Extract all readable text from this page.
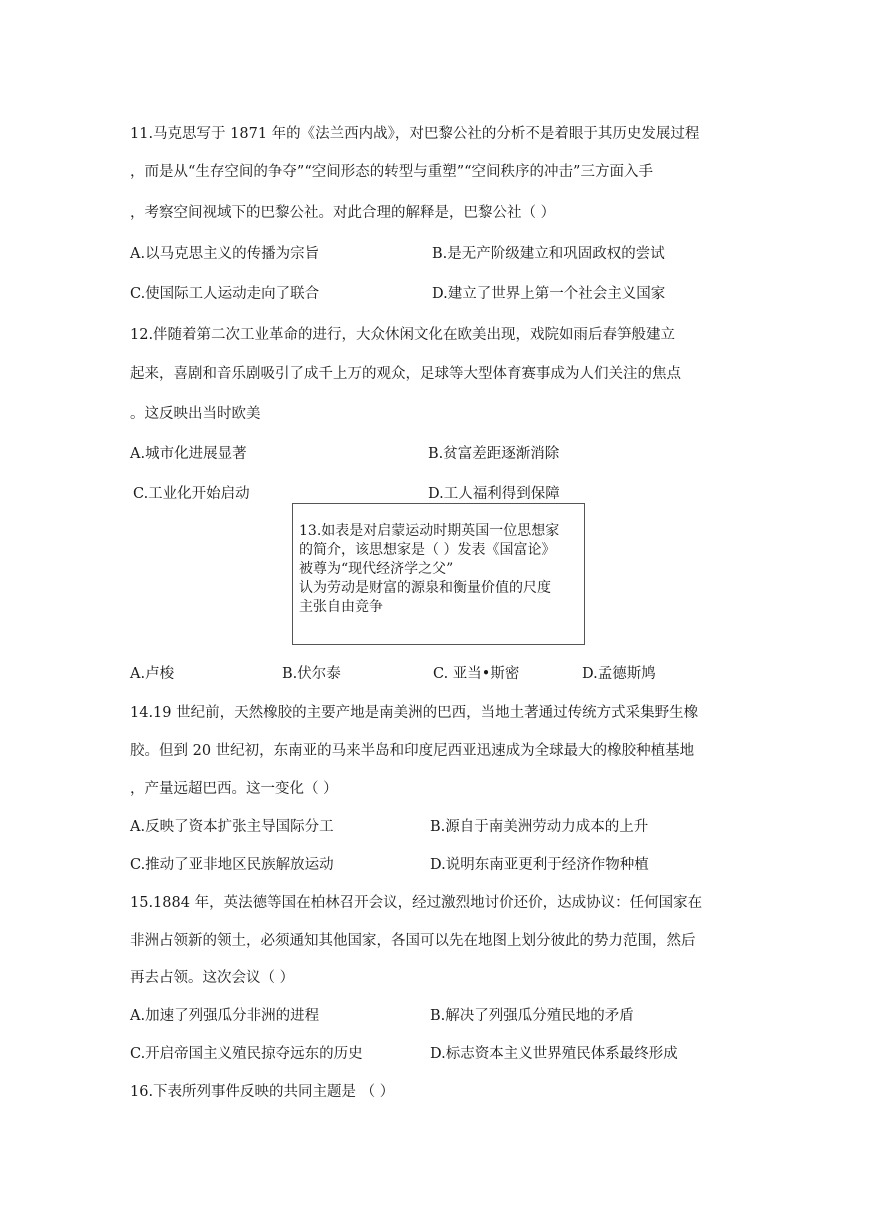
11.马克思写于 1871 年的《法兰西内战》，对巴黎公社的分析不是着眼于其历史发展过程
，而是从“生存空间的争夺”“空间形态的转型与重塑”“空间秩序的冲击”三方面入手
，考察空间视域下的巴黎公社。对此合理的解释是，巴黎公社（ ）
A.以马克思主义的传播为宗旨	B.是无产阶级建立和巩固政权的尝试
C.使国际工人运动走向了联合	D.建立了世界上第一个社会主义国家
12.伴随着第二次工业革命的进行，大众休闲文化在欧美出现，戏院如雨后春笋般建立
起来，喜剧和音乐剧吸引了成千上万的观众，足球等大型体育赛事成为人们关注的焦点
。这反映出当时欧美
A.城市化进展显著	B.贫富差距逐渐消除
C.工业化开始启动	D.工人福利得到保障
13.如表是对启蒙运动时期英国一位思想家
的简介，该思想家是（ ）发表《国富论》
被尊为“现代经济学之父”
认为劳动是财富的源泉和衡量价值的尺度
主张自由竞争
A.卢梭	B.伏尔泰	C. 亚当•斯密	D.孟德斯鸠
14.19 世纪前，天然橡胶的主要产地是南美洲的巴西，当地土著通过传统方式采集野生橡
胶。但到 20 世纪初，东南亚的马来半岛和印度尼西亚迅速成为全球最大的橡胶种植基地
，产量远超巴西。这一变化（ ）
A.反映了资本扩张主导国际分工	B.源自于南美洲劳动力成本的上升
C.推动了亚非地区民族解放运动	D.说明东南亚更利于经济作物种植
15.1884 年，英法德等国在柏林召开会议，经过激烈地讨价还价，达成协议：任何国家在
非洲占领新的领土，必须通知其他国家，各国可以先在地图上划分彼此的势力范围，然后
再去占领。这次会议（ ）
A.加速了列强瓜分非洲的进程	B.解决了列强瓜分殖民地的矛盾
C.开启帝国主义殖民掠夺远东的历史	D.标志资本主义世界殖民体系最终形成
16.下表所列事件反映的共同主题是 （ ）
